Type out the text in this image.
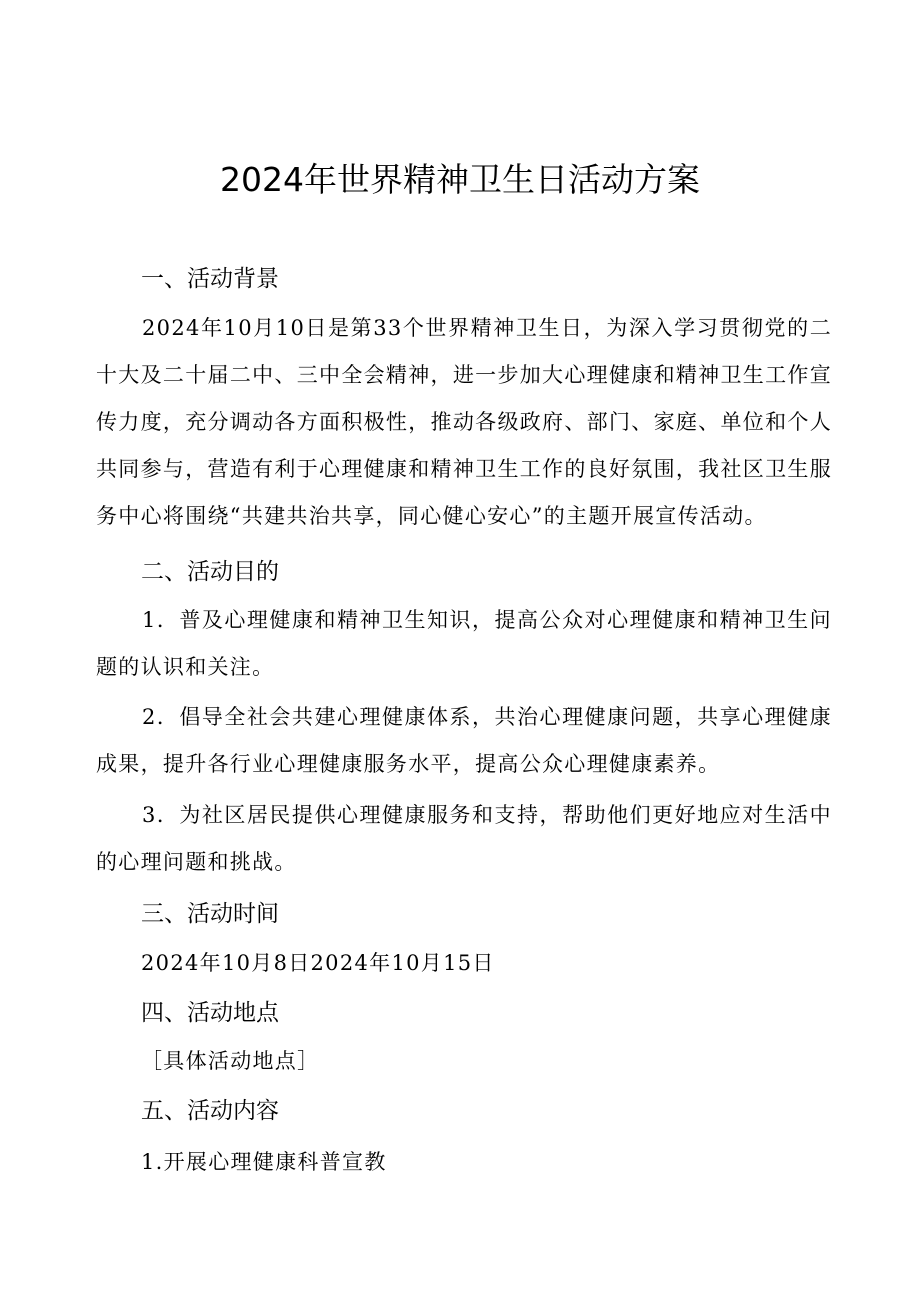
2024年世界精神卫生日活动方案
一、活动背景

2024年10月10日是第33个世界精神卫生日，为深入学习贯彻党的二十大及二十届二中、三中全会精神，进一步加大心理健康和精神卫生工作宣传力度，充分调动各方面积极性，推动各级政府、部门、家庭、单位和个人共同参与，营造有利于心理健康和精神卫生工作的良好氛围，我社区卫生服务中心将围绕“共建共治共享，同心健心安心”的主题开展宣传活动。

二、活动目的

1．普及心理健康和精神卫生知识，提高公众对心理健康和精神卫生问题的认识和关注。

2．倡导全社会共建心理健康体系，共治心理健康问题，共享心理健康成果，提升各行业心理健康服务水平，提高公众心理健康素养。

3．为社区居民提供心理健康服务和支持，帮助他们更好地应对生活中的心理问题和挑战。

三、活动时间
2024年10月8日2024年10月15日
四、活动地点
［具体活动地点］
五、活动内容
1.开展心理健康科普宣教
